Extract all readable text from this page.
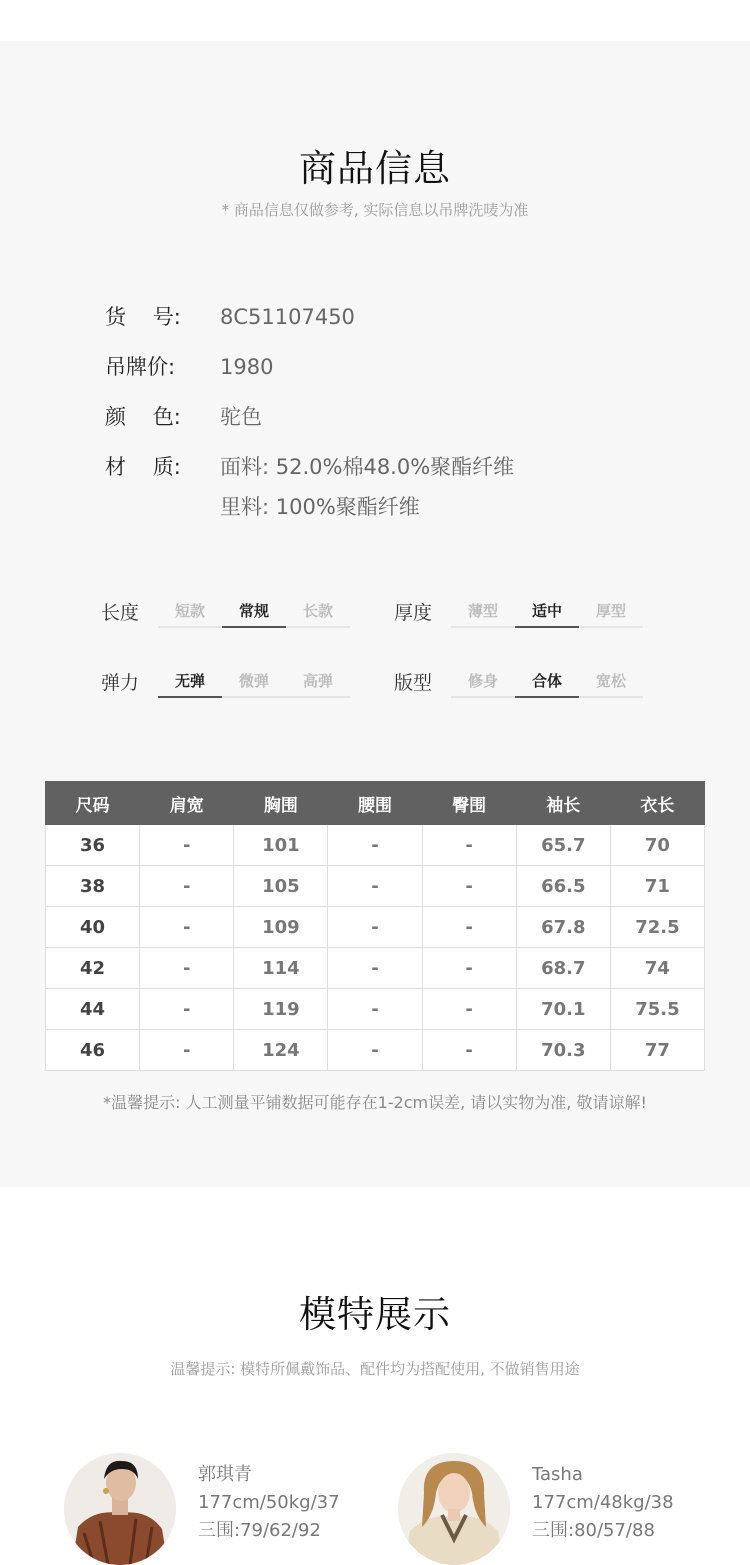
商品信息
* 商品信息仅做参考, 实际信息以吊牌洗唛为准
货    号:	8C51107450
吊牌价:	1980
颜    色:	驼色
材    质:	面料: 52.0%棉48.0%聚酯纤维
里料: 100%聚酯纤维
长度	短款	常规	长款	厚度	薄型	适中	厚型
弹力	无弹	微弹	高弹	版型	修身	合体	宽松
尺码	肩宽	胸围	腰围	臀围	袖长	衣长
36	-	101	-	-	65.7	70
38	-	105	-	-	66.5	71
40	-	109	-	-	67.8	72.5
42	-	114	-	-	68.7	74
44	-	119	-	-	70.1	75.5
46	-	124	-	-	70.3	77
*温馨提示: 人工测量平铺数据可能存在1-2cm误差, 请以实物为准, 敬请谅解!
模特展示
温馨提示: 模特所佩戴饰品、配件均为搭配使用, 不做销售用途
郭琪青
177cm/50kg/37
三围:79/62/92
Tasha
177cm/48kg/38
三围:80/57/88
